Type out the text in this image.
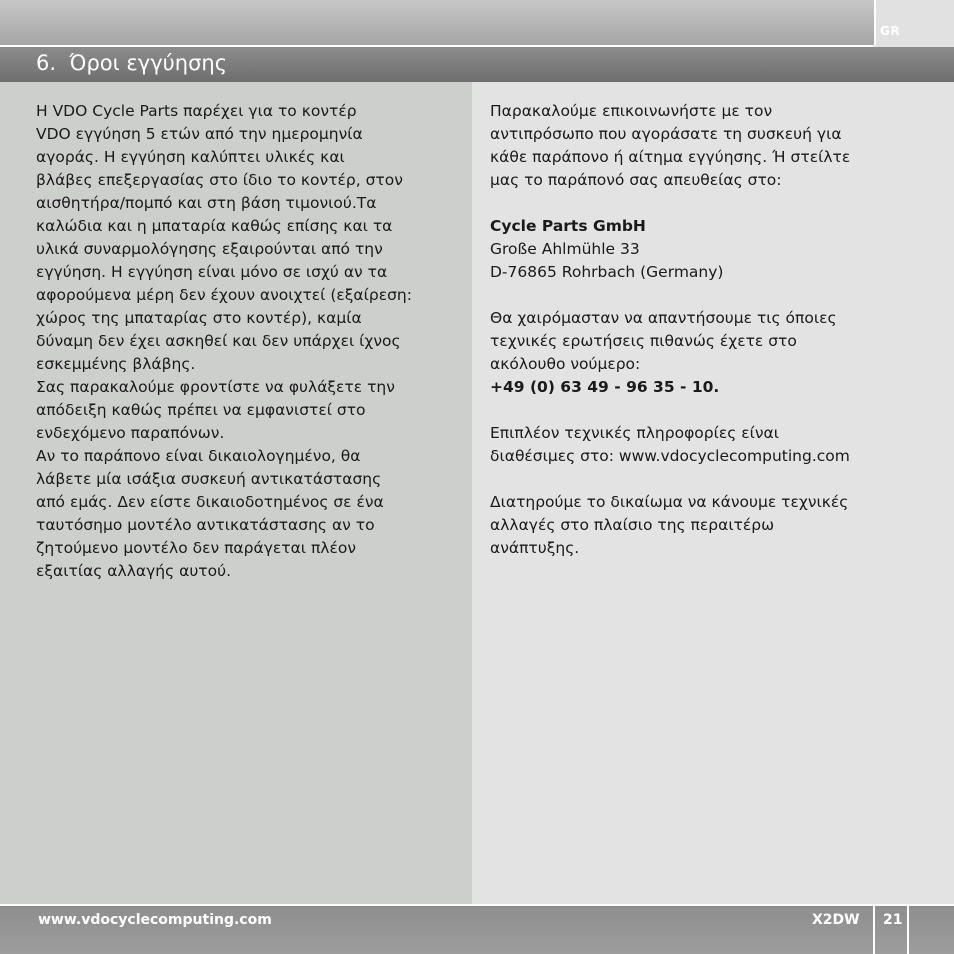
GR
6.  Όροι εγγύησης
Η VDO Cycle Parts παρέχει για το κοντέρ
VDO εγγύηση 5 ετών από την ημερομηνία
αγοράς. Η εγγύηση καλύπτει υλικές και
βλάβες επεξεργασίας στο ίδιο το κοντέρ, στον
αισθητήρα/πομπό και στη βάση τιμονιού.Τα
καλώδια και η μπαταρία καθώς επίσης και τα
υλικά συναρμολόγησης εξαιρούνται από την
εγγύηση. Η εγγύηση είναι μόνο σε ισχύ αν τα
αφορούμενα μέρη δεν έχουν ανοιχτεί (εξαίρεση:
χώρος της μπαταρίας στο κοντέρ), καμία
δύναμη δεν έχει ασκηθεί και δεν υπάρχει ίχνος
εσκεμμένης βλάβης.
Σας παρακαλούμε φροντίστε να φυλάξετε την
απόδειξη καθώς πρέπει να εμφανιστεί στο
ενδεχόμενο παραπόνων.
Αν το παράπονο είναι δικαιολογημένο, θα
λάβετε μία ισάξια συσκευή αντικατάστασης
από εμάς. Δεν είστε δικαιοδοτημένος σε ένα
ταυτόσημο μοντέλο αντικατάστασης αν το
ζητούμενο μοντέλο δεν παράγεται πλέον
εξαιτίας αλλαγής αυτού.
Παρακαλούμε επικοινωνήστε με τον
αντιπρόσωπο που αγοράσατε τη συσκευή για
κάθε παράπονο ή αίτημα εγγύησης. Ή στείλτε
μας το παράπονό σας απευθείας στο:
Cycle Parts GmbH
Große Ahlmühle 33
D-76865 Rohrbach (Germany)
Θα χαιρόμασταν να απαντήσουμε τις όποιες
τεχνικές ερωτήσεις πιθανώς έχετε στο
ακόλουθο νούμερο:
+49 (0) 63 49 - 96 35 - 10.
Επιπλέον τεχνικές πληροφορίες είναι
διαθέσιμες στο: www.vdocyclecomputing.com
Διατηρούμε το δικαίωμα να κάνουμε τεχνικές
αλλαγές στο πλαίσιο της περαιτέρω
ανάπτυξης.
www.vdocyclecomputing.com	X2DW 21
